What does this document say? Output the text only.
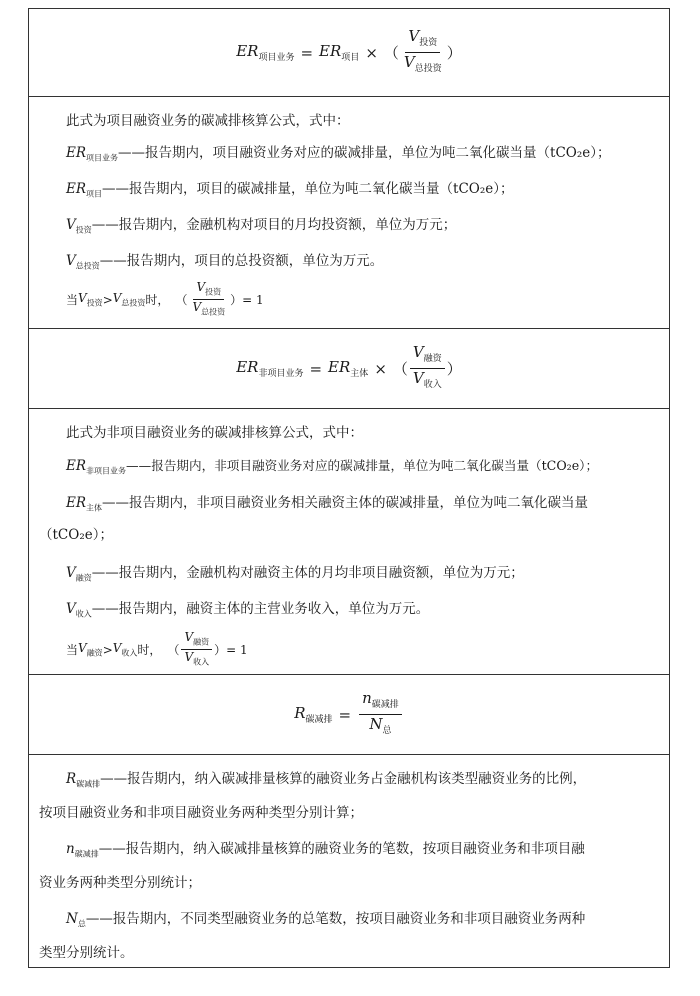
$ER_{项目业务} = ER_{项目}$ × （ $\frac{V_{投资}}{V_{总投资}}$ ）
此式为项目融资业务的碳减排核算公式，式中：
$ER_{项目业务}——$报告期内，项目融资业务对应的碳减排量，单位为吨二氧化碳当量（tCO₂e）；
$ER_{项目}——$报告期内，项目的碳减排量，单位为吨二氧化碳当量（tCO₂e）；
$V_{投资}——$报告期内，金融机构对项目的月均投资额，单位为万元；
$V_{总投资}——$报告期内，项目的总投资额，单位为万元。
当 $V_{投资} > V_{总投资}$ 时， （ $\frac{V_{投资}}{V_{总投资}}$ ） = 1
$ER_{非项目业务} = ER_{主体}$ × （ $\frac{V_{融资}}{V_{收入}}$ ）
此式为非项目融资业务的碳减排核算公式，式中：
$ER_{非项目业务}——$报告期内，非项目融资业务对应的碳减排量，单位为吨二氧化碳当量（tCO₂e）；
$ER_{主体}——$报告期内，非项目融资业务相关融资主体的碳减排量，单位为吨二氧化碳当量
（tCO₂e）；
$V_{融资}——$报告期内，金融机构对融资主体的月均非项目融资额，单位为万元；
$V_{收入}——$报告期内，融资主体的主营业务收入，单位为万元。
当 $V_{融资} > V_{收入}$ 时， （ $\frac{V_{融资}}{V_{收入}}$ ） = 1
$R_{碳减排} = \frac{n_{碳减排}}{N_总}$
$R_{碳减排}——$报告期内，纳入碳减排量核算的融资业务占金融机构该类型融资业务的比例，
按项目融资业务和非项目融资业务两种类型分别计算；
$n_{碳减排}——$报告期内，纳入碳减排量核算的融资业务的笔数，按项目融资业务和非项目融
资业务两种类型分别统计；
$N_总——$报告期内，不同类型融资业务的总笔数，按项目融资业务和非项目融资业务两种
类型分别统计。
